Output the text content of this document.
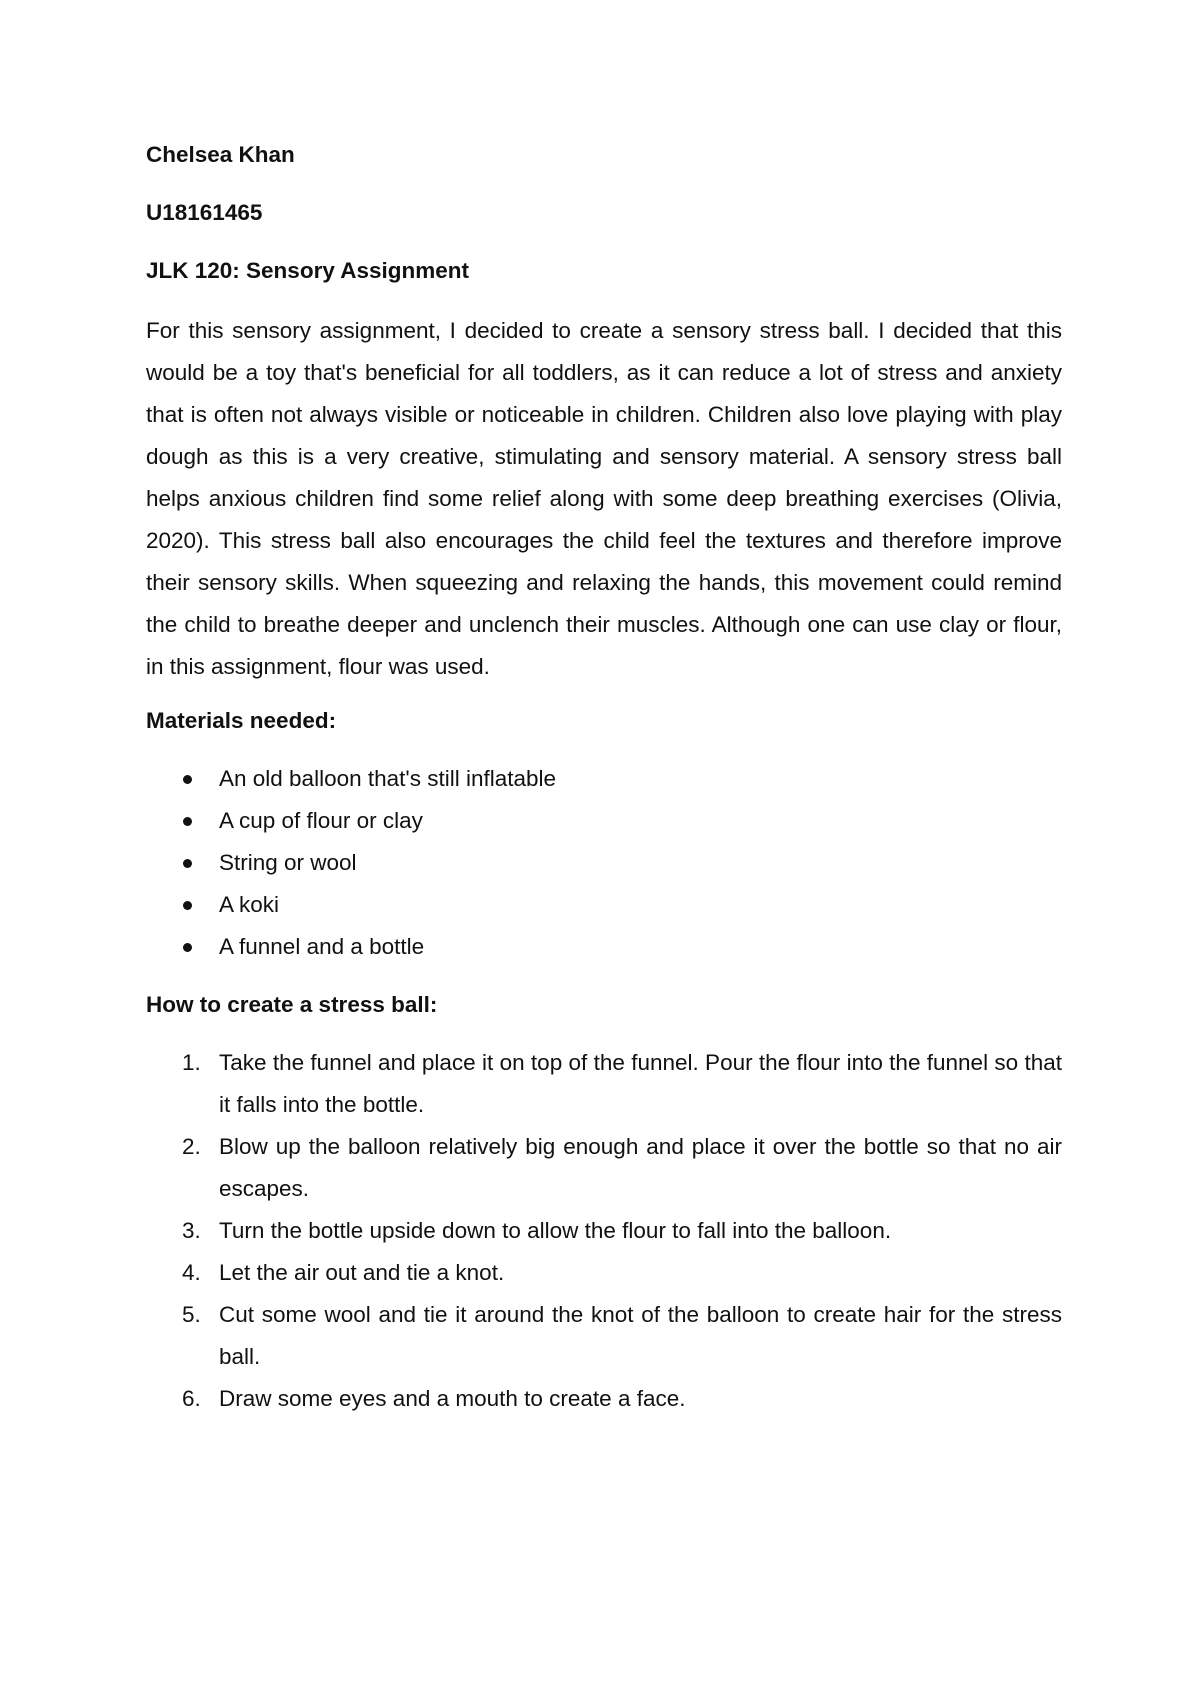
Chelsea Khan

U18161465

JLK 120: Sensory Assignment

For this sensory assignment, I decided to create a sensory stress ball. I decided that this would be a toy that's beneficial for all toddlers, as it can reduce a lot of stress and anxiety that is often not always visible or noticeable in children. Children also love playing with play dough as this is a very creative, stimulating and sensory material. A sensory stress ball helps anxious children find some relief along with some deep breathing exercises (Olivia, 2020). This stress ball also encourages the child feel the textures and therefore improve their sensory skills. When squeezing and relaxing the hands, this movement could remind the child to breathe deeper and unclench their muscles. Although one can use clay or flour, in this assignment, flour was used.

Materials needed:

An old balloon that's still inflatable
A cup of flour or clay
String or wool
A koki
A funnel and a bottle

How to create a stress ball:

1. Take the funnel and place it on top of the funnel. Pour the flour into the funnel so that it falls into the bottle.
2. Blow up the balloon relatively big enough and place it over the bottle so that no air escapes.
3. Turn the bottle upside down to allow the flour to fall into the balloon.
4. Let the air out and tie a knot.
5. Cut some wool and tie it around the knot of the balloon to create hair for the stress ball.
6. Draw some eyes and a mouth to create a face.
